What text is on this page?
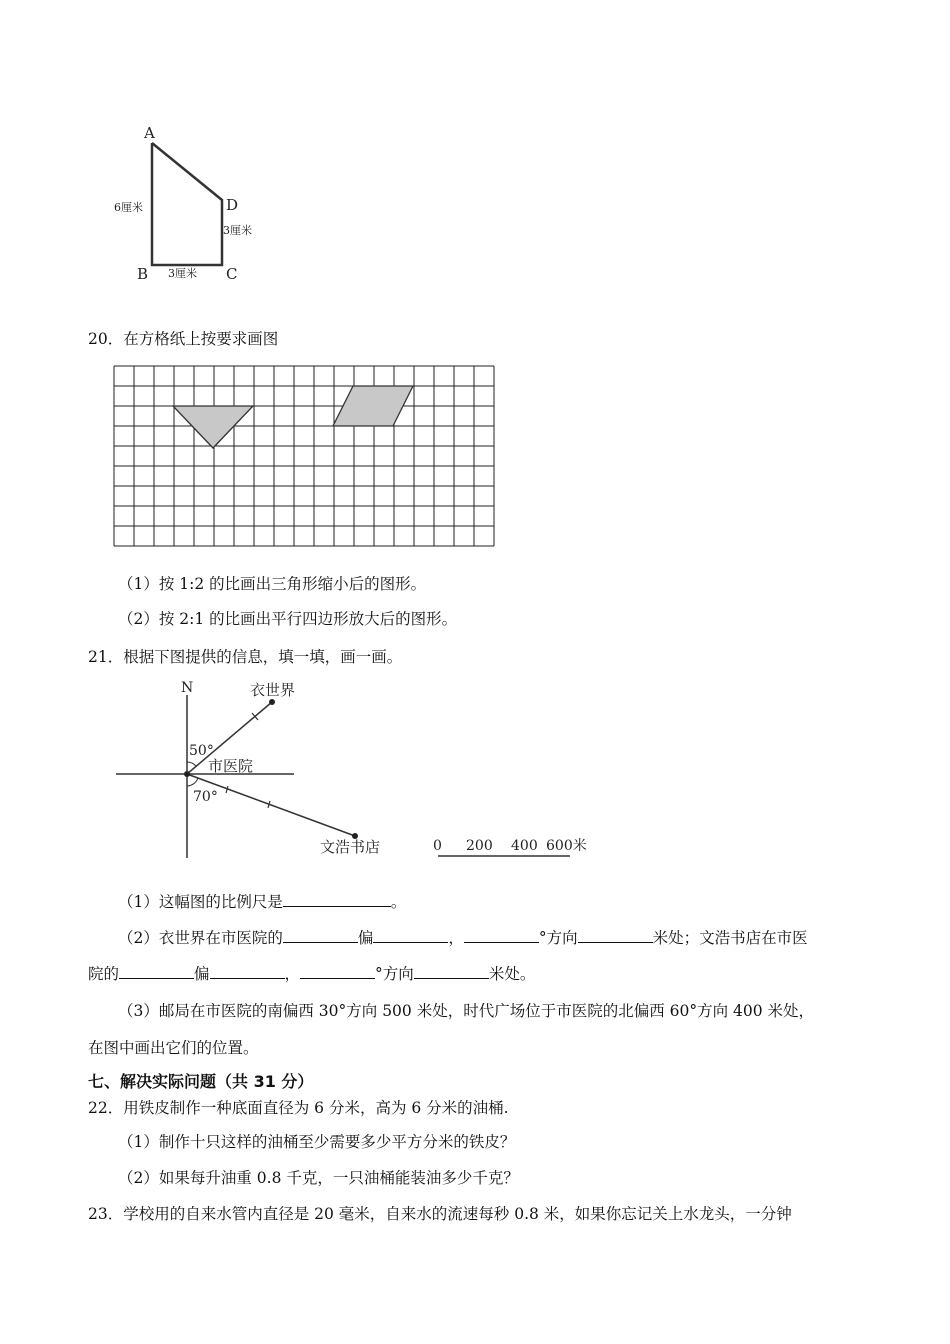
A
B	C
D
6厘米
3厘米
3厘米
20．在方格纸上按要求画图
（1）按 1:2 的比画出三角形缩小后的图形。
（2）按 2:1 的比画出平行四边形放大后的图形。
21．根据下图提供的信息，填一填，画一画。
N	衣世界
文浩书店
市医院
50°
70°
0 200 400 600米
（1）这幅图的比例尺是	。
（2）衣世界在市医院的	偏	，	°方向	米处；文浩书店在市医
院的	偏	，	°方向	米处。
（3）邮局在市医院的南偏西 30°方向 500 米处，时代广场位于市医院的北偏西 60°方向 400 米处，
在图中画出它们的位置。
七、解决实际问题（共 31 分）
22．用铁皮制作一种底面直径为 6 分米，高为 6 分米的油桶.
（1）制作十只这样的油桶至少需要多少平方分米的铁皮？
（2）如果每升油重 0.8 千克，一只油桶能装油多少千克？
23．学校用的自来水管内直径是 20 毫米，自来水的流速每秒 0.8 米，如果你忘记关上水龙头，一分钟
